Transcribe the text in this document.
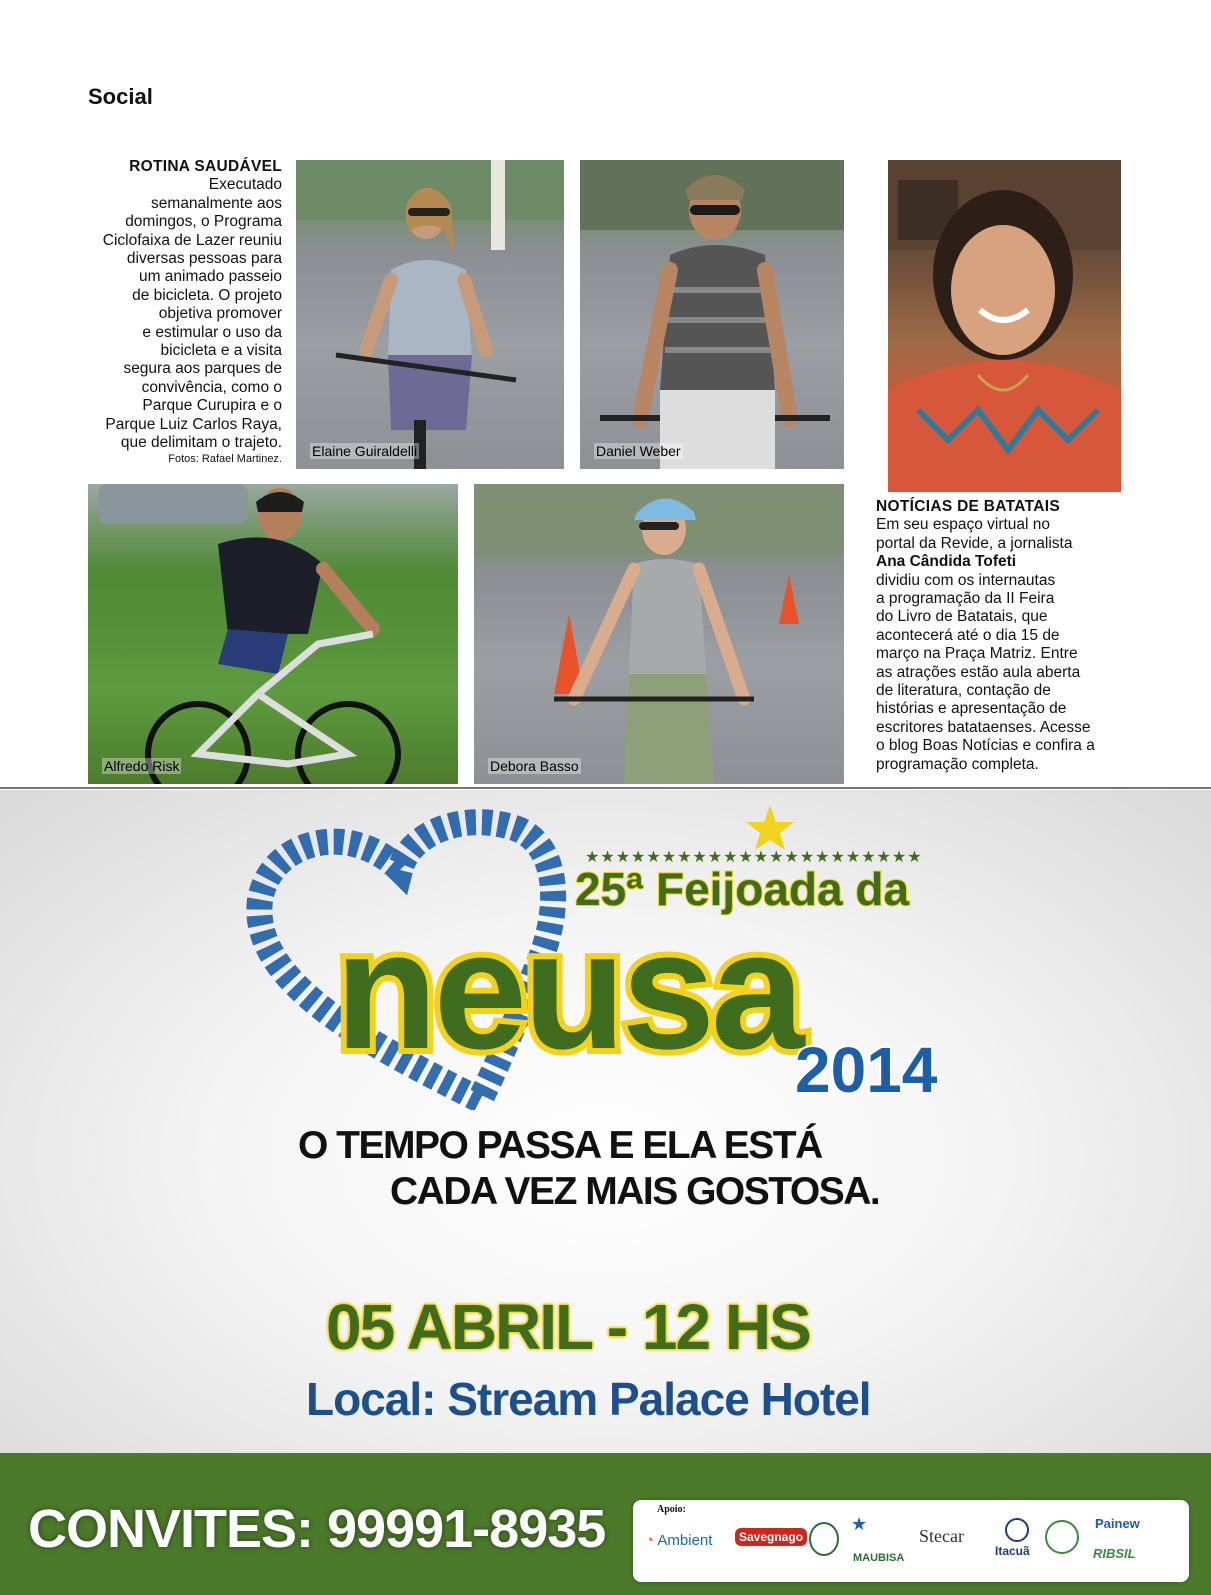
Social
ROTINA SAUDÁVEL

Executado

semanalmente aos

domingos, o Programa

Ciclofaixa de Lazer reuniu

diversas pessoas para

um animado passeio

de bicicleta. O projeto

objetiva promover

e estimular o uso da

bicicleta e a visita

segura aos parques de

convivência, como o

Parque Curupira e o

Parque Luiz Carlos Raya,

que delimitam o trajeto.

Fotos: Rafael Martinez. Elaine Guiraldelli	Daniel Weber
Alfredo Risk	Debora Basso
NOTÍCIAS DE BATATAIS

Em seu espaço virtual no

portal da Revide, a jornalista

Ana Cândida Tofeti

dividiu com os internautas

a programação da II Feira

do Livro de Batatais, que

acontecerá até o dia 15 de

março na Praça Matriz. Entre

as atrações estão aula aberta

de literatura, contação de

histórias e apresentação de

escritores batataenses. Acesse

o blog Boas Notícias e confira a

programação completa.

★★★★★★★★★★★★★★★★★★★★★★
25ª Feijoada da
neusa
2014
O TEMPO PASSA E ELA ESTÁ
CADA VEZ MAIS GOSTOSA.
05 ABRIL - 12 HS
Local: Stream Palace Hotel
CONVITES: 99991-8935	Apoio:
◔ Ambient	Savegnago
★
MAUBISA
Stecar
Itacuã
Painew
RIBSIL
